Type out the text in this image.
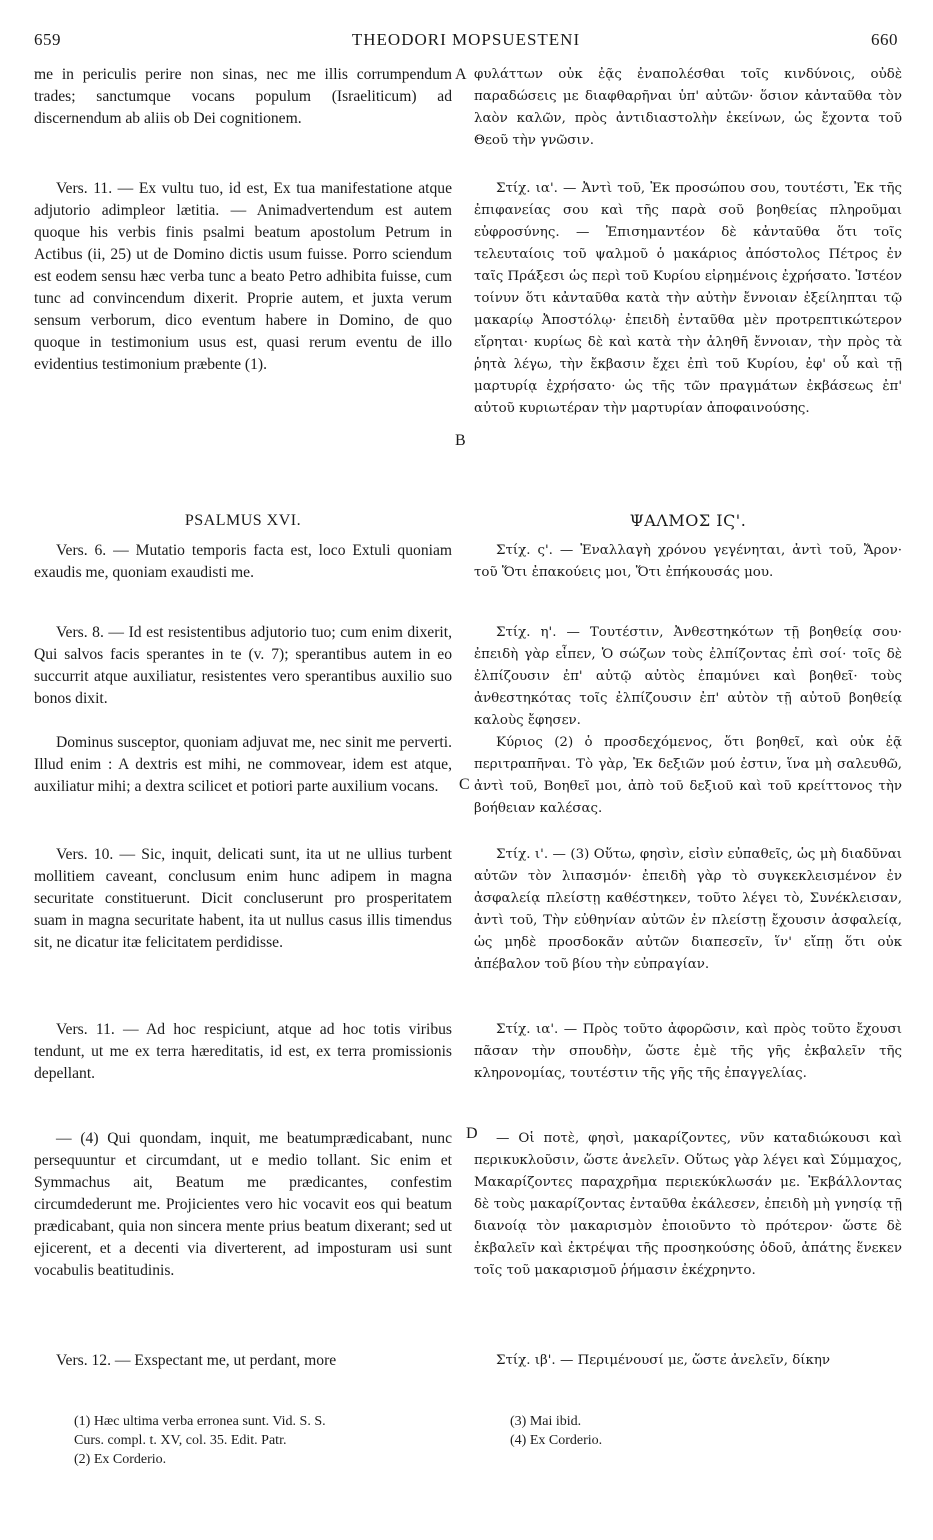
659	THEODORI MOPSUESTENI	660
A
B
C
D

me in periculis perire non sinas, nec me illis corrumpendum trades; sanctumque vocans populum (Israeliticum) ad discernendum ab aliis ob Dei cognitionem.

Vers. 11. — Ex vultu tuo, id est, Ex tua manifestatione atque adjutorio adimpleor lætitia. — Animadvertendum est autem quoque his verbis finis psalmi beatum apostolum Petrum in Actibus (ii, 25) ut de Domino dictis usum fuisse. Porro sciendum est eodem sensu hæc verba tunc a beato Petro adhibita fuisse, cum tunc ad convincendum dixerit. Proprie autem, et juxta verum sensum verborum, dico eventum habere in Domino, de quo quoque in testimonium usus est, quasi rerum eventu de illo evidentius testimonium præbente (1).

PSALMUS XVI.

Vers. 6. — Mutatio temporis facta est, loco Extuli quoniam exaudis me, quoniam exaudisti me.

Vers. 8. — Id est resistentibus adjutorio tuo; cum enim dixerit, Qui salvos facis sperantes in te (v. 7); sperantibus autem in eo succurrit atque auxiliatur, resistentes vero sperantibus auxilio suo bonos dixit.

Dominus susceptor, quoniam adjuvat me, nec sinit me perverti. Illud enim : A dextris est mihi, ne commovear, idem est atque, auxiliatur mihi; a dextra scilicet et potiori parte auxilium vocans.

Vers. 10. — Sic, inquit, delicati sunt, ita ut ne ullius turbent mollitiem caveant, conclusum enim hunc adipem in magna securitate constituerunt. Dicit concluserunt pro prosperitatem suam in magna securitate habent, ita ut nullus casus illis timendus sit, ne dicatur itæ felicitatem perdidisse.

Vers. 11. — Ad hoc respiciunt, atque ad hoc totis viribus tendunt, ut me ex terra hæreditatis, id est, ex terra promissionis depellant.

— (4) Qui quondam, inquit, me beatumprædicabant, nunc persequuntur et circumdant, ut e medio tollant. Sic enim et Symmachus ait, Beatum me prædicantes, confestim circumdederunt me. Projicientes vero hic vocavit eos qui beatum prædicabant, quia non sincera mente prius beatum dixerant; sed ut ejicerent, et a decenti via diverterent, ad imposturam usi sunt vocabulis beatitudinis.

Vers. 12. — Exspectant me, ut perdant, more

φυλάττων οὐκ ἐᾷς ἐναπολέσθαι τοῖς κινδύνοις, οὐδὲ παραδώσεις με διαφθαρῆναι ὑπ' αὐτῶν· ὅσιον κἀνταῦθα τὸν λαὸν καλῶν, πρὸς ἀντιδιαστολὴν ἐκείνων, ὡς ἔχοντα τοῦ Θεοῦ τὴν γνῶσιν.

Στίχ. ια'. — Ἀντὶ τοῦ, Ἐκ προσώπου σου, τουτέστι, Ἐκ τῆς ἐπιφανείας σου καὶ τῆς παρὰ σοῦ βοηθείας πληροῦμαι εὐφροσύνης. — Ἐπισημαντέον δὲ κἀνταῦθα ὅτι τοῖς τελευταίοις τοῦ ψαλμοῦ ὁ μακάριος ἀπόστολος Πέτρος ἐν ταῖς Πράξεσι ὡς περὶ τοῦ Κυρίου εἰρημένοις ἐχρήσατο. Ἰστέον τοίνυν ὅτι κἀνταῦθα κατὰ τὴν αὐτὴν ἔννοιαν ἐξείληπται τῷ μακαρίῳ Ἀποστόλῳ· ἐπειδὴ ἐνταῦθα μὲν προτρεπτικώτερον εἴρηται· κυρίως δὲ καὶ κατὰ τὴν ἀληθῆ ἔννοιαν, τὴν πρὸς τὰ ῥητὰ λέγω, τὴν ἔκβασιν ἔχει ἐπὶ τοῦ Κυρίου, ἐφ' οὗ καὶ τῇ μαρτυρίᾳ ἐχρήσατο· ὡς τῆς τῶν πραγμάτων ἐκβάσεως ἐπ' αὐτοῦ κυριωτέραν τὴν μαρτυρίαν ἀποφαινούσης.

ΨΑΛΜΟΣ ΙϚ'.

Στίχ. ς'. — Ἐναλλαγὴ χρόνου γεγένηται, ἀντὶ τοῦ, Ἄρον· τοῦ Ὅτι ἐπακούεις μοι, Ὅτι ἐπήκουσάς μου.

Στίχ. η'. — Τουτέστιν, Ἀνθεστηκότων τῇ βοηθείᾳ σου· ἐπειδὴ γὰρ εἶπεν, Ὁ σώζων τοὺς ἐλπίζοντας ἐπὶ σοί· τοῖς δὲ ἐλπίζουσιν ἐπ' αὐτῷ αὐτὸς ἐπαμύνει καὶ βοηθεῖ· τοὺς ἀνθεστηκότας τοῖς ἐλπίζουσιν ἐπ' αὐτὸν τῇ αὐτοῦ βοηθείᾳ καλοὺς ἔφησεν.

Κύριος (2) ὁ προσδεχόμενος, ὅτι βοηθεῖ, καὶ οὐκ ἐᾷ περιτραπῆναι. Τὸ γὰρ, Ἐκ δεξιῶν μού ἐστιν, ἵνα μὴ σαλευθῶ, ἀντὶ τοῦ, Βοηθεῖ μοι, ἀπὸ τοῦ δεξιοῦ καὶ τοῦ κρείττονος τὴν βοήθειαν καλέσας.

Στίχ. ι'. — (3) Οὕτω, φησὶν, εἰσὶν εὐπαθεῖς, ὡς μὴ διαδῦναι αὐτῶν τὸν λιπασμόν· ἐπειδὴ γὰρ τὸ συγκεκλεισμένον ἐν ἀσφαλείᾳ πλείστῃ καθέστηκεν, τοῦτο λέγει τὸ, Συνέκλεισαν, ἀντὶ τοῦ, Τὴν εὐθηνίαν αὐτῶν ἐν πλείστῃ ἔχουσιν ἀσφαλείᾳ, ὡς μηδὲ προσδοκᾶν αὐτῶν διαπεσεῖν, ἵν' εἴπῃ ὅτι οὐκ ἀπέβαλον τοῦ βίου τὴν εὐπραγίαν.

Στίχ. ια'. — Πρὸς τοῦτο ἀφορῶσιν, καὶ πρὸς τοῦτο ἔχουσι πᾶσαν τὴν σπουδὴν, ὥστε ἐμὲ τῆς γῆς ἐκβαλεῖν τῆς κληρονομίας, τουτέστιν τῆς γῆς τῆς ἐπαγγελίας.

— Οἱ ποτὲ, φησὶ, μακαρίζοντες, νῦν καταδιώκουσι καὶ περικυκλοῦσιν, ὥστε ἀνελεῖν. Οὕτως γὰρ λέγει καὶ Σύμμαχος, Μακαρίζοντες παραχρῆμα περιεκύκλωσάν με. Ἐκβάλλοντας δὲ τοὺς μακαρίζοντας ἐνταῦθα ἐκάλεσεν, ἐπειδὴ μὴ γνησίᾳ τῇ διανοίᾳ τὸν μακαρισμὸν ἐποιοῦντο τὸ πρότερον· ὥστε δὲ ἐκβαλεῖν καὶ ἐκτρέψαι τῆς προσηκούσης ὁδοῦ, ἀπάτης ἕνεκεν τοῖς τοῦ μακαρισμοῦ ῥήμασιν ἐκέχρηντο.

Στίχ. ιβ'. — Περιμένουσί με, ὥστε ἀνελεῖν, δίκην

(1) Hæc ultima verba erronea sunt. Vid. S. S.
Curs. compl. t. XV, col. 35. Edit. Patr.
(2) Ex Corderio.
(3) Mai ibid.
(4) Ex Corderio.
